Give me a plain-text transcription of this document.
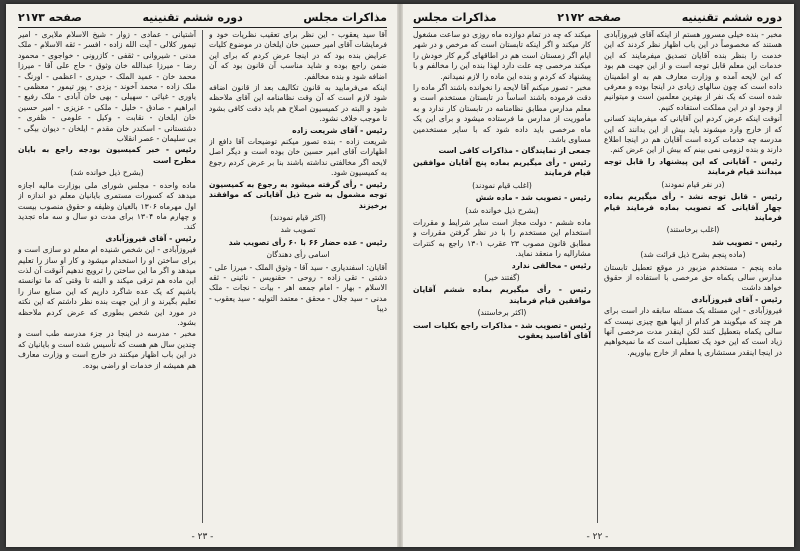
مذاکرات مجلس
دوره ششم تقنینیه
صفحه ۲۱۷۳

آقا سید یعقوب - این نظر برای تعقیب نظریات خود و فرمایشات آقای امیر حسین خان ایلخان در موضوع کلیات عرایض بنده بود که در اینجا عرض کردم که برای این ضمن راجع بوده و شاید مناسب آن قانون بود که آن اضافه شود و بنده مخالفم.

اینکه می‌فرمایید به قانون تکالیف بعد از قانون اضافه شود لازم است که آن وقت نظامنامه این آقای ملاحظه شود و البته در کمیسیون اصلاح هم باید دقت کافی بشود تا موجب خلاف نشود.

رئیس - آقای شریعت زاده

شریعت زاده - بنده تصور میکنم توضیحات آقا دافع از اظهارات آقای امیر حسین خان بوده است و دیگر اصل لایحه اگر مخالفتی نداشته باشند بنا بر عرض کردم رجوع به کمیسیون شود.

رئیس - رأی گرفته میشود به رجوع به کمیسیون توجه مشمول به شرح ذیل آقایانی که موافقند برخیزند

(اکثر قیام نمودند)

تصویب شد

رئیس - عده حضار ۶۶ با ۶۰ رأی تصویب شد

اسامی رأی دهندگان

آقایان: اسفندیاری - سید آقا - وثوق الملک - میرزا علی - دشتی - تقی زاده - روحی - حقنویس - نائینی - ثقه الاسلام - بهار - امام جمعه اهر - بیات - نجات - ملک مدنی - سید جلال - محقق - معتمد التولیه - سید یعقوب - دیبا

آشتیانی - عمادی - زوار - شیخ الاسلام ملایری - امیر تیمور کلالی - آیت الله زاده - افسر - ثقه الاسلام - ملک مدنی - شیروانی - ثقفی - کازرونی - خواجوی - محمود رضا - میرزا عبدالله خان وثوق - حاج علی آقا - میرزا محمد خان - عمید الملک - حیدری - اعظمی - اورنگ - ملک زاده - محمد آخوند - یزدی - پور تیمور - معظمی - یاوری - غیاثی - سهیلی - بهی خان آبادی - ملک رفیع - ابراهیم - صادق - خلیل - ملکی - عزیزی - امیر حسین خان ایلخان - نقابت - وکیل - علومی - ظفری - دشتستانی - اسکندر خان مقدم - ایلخان - دیوان بیگی - بی سلیمان - عصر انقلاب

رئیس - خبر کمیسیون بودجه راجع به بایان مطرح است

(بشرح ذیل خوانده شد)

ماده واحده - مجلس شورای ملی بوزارت مالیه اجازه میدهد که کسورات مستمری بایانیان معلم دو اندازه از اول مهرماه ۱۳۰۶ بالغیان وظیفه و حقوق منصوب بیست و چهارم ماه ۱۳۰۴ برای مدت دو سال و سه ماه تجدید کند.

رئیس - آقای فیروزآبادی

فیروزآبادی - این شخص شنیده ام معلم دو سازی است و برای ساختن او را استخدام میشود و کار او ساز را تعلیم میدهد و اگر ما این ساختن را ترویج ندهیم آنوقت آن لذت این ماده هم ترقی میکند و البته تا وقتی که ما توانسته باشیم که یک عده شاگرد داریم که این صنایع ساز را تعلیم بگیرند و از این جهت بنده نظر داشتم که این نکته در مورد این شخص بطوری که عرض کردم ملاحظه بشود.

مخبر - مدرسه در اینجا در جزء مدرسه طب است و چندین سال هم هست که تأسیس شده است و بایانیان که در این باب اظهار میکنند در خارج است و وزارت معارف هم همیشه از خدمات او راضی بوده.

- ۲۳ -
دوره ششم تقنینیه
صفحه ۲۱۷۲
مذاکرات مجلس

مخبر - بنده خیلی مسرور هستم از اینکه آقای فیروزآبادی هستند که مخصوصاً در این باب اظهار نظر کردند که این خدمت را بنظر بنده آقایان تصدیق میفرمایند که این خدمات این معلم قابل توجه است و از این جهت هم بود که این لایحه آمده و وزارت معارف هم به او اطمینان داده است که چون سالهای زیادی در اینجا بوده و معرفی شده است که یک نفر از بهترین معلمین است و میتوانیم از وجود او در این مملکت استفاده کنیم.

آنوقت اینکه عرض کردم این آقایانی که میفرمایند کسانی که از خارج وارد میشوند باید بیش از این بدانند که این مدرسه چه خدمات کرده است آقایان هم در اینجا اطلاع دارند و بنده لزومی نمی بینم که بیش از این عرض کنم.

رئیس - آقایانی که این پیشنهاد را قابل توجه میدانند قیام فرمایند

(در نفر قیام نمودند)

رئیس - قابل توجه نشد - رأی میگیریم بماده چهار آقایانی که تصویب بماده فرمایند قیام فرمایند

(اغلب برخاستند)

رئیس - تصویب شد

(ماده پنجم بشرح ذیل قرائت شد)

ماده پنجم - مستخدم مزبور در موقع تعطیل تابستان مدارس سالی یکماه حق مرخصی با استفاده از حقوق خواهد داشت

رئیس - آقای فیروزآبادی

فیروزآبادی - این مسئله یک مسئله سابقه دار است برای هر چند که میگویند هر کدام از اینها هیچ چیزی نیست که سالی یکماه بتعطیل کنند لکن اینقدر مدت مرخصی آنها زیاد است که این خود یک تعطیلی است که ما نمیخواهیم در اینجا اینقدر مستشاری یا معلم از خارج بیاوریم.

میکند که چه در تمام دوازده ماه روزی دو ساعت مشغول کار میکند و اگر اینکه تابستان است که مرخص و در شهر ایام اگر زمستان است هم در اطاقهای گرم کار خودش را میکند مرخصی چه علت دارد لهذا بنده این را مخالفم و با پیشنهاد که کردم و بنده این ماده را لازم نمیدانم.

مخبر - تصور میکنم آقا لایحه را نخوانده باشند اگر ماده را دقت فرموده باشند اساساً در تابستان مستخدم است و معلم مدارس مطابق نظامنامه در تابستان کار ندارد و به مأموریت از مدارس ما فرستاده میشود و برای این یک ماه مرخصی باید داده شود که با سایر مستخدمین مساوی باشد.

جمعی از نمایندگان - مذاکرات کافی است

رئیس - رأی میگیریم بماده پنج آقایان موافقین قیام فرمایند

(اغلب قیام نمودند)

رئیس - تصویب شد - ماده شش

(بشرح ذیل خوانده شد)

ماده ششم - دولت مجاز است سایر شرایط و مقررات استخدام این مستخدم را با در نظر گرفتن مقررات و مطابق قانون مصوب ۲۳ عقرب ۱۳۰۱ راجع به کنترات مشارالیه را منعقد نماید.

رئیس - مخالفی ندارد

(گفتند خیر)

رئیس - رأی میگیریم بماده ششم آقایان موافقین قیام فرمایند

(اکثر برخاستند)

رئیس - تصویب شد - مذاکرات راجع بکلیات است آقای آقاسید یعقوب

- ۲۲ -
